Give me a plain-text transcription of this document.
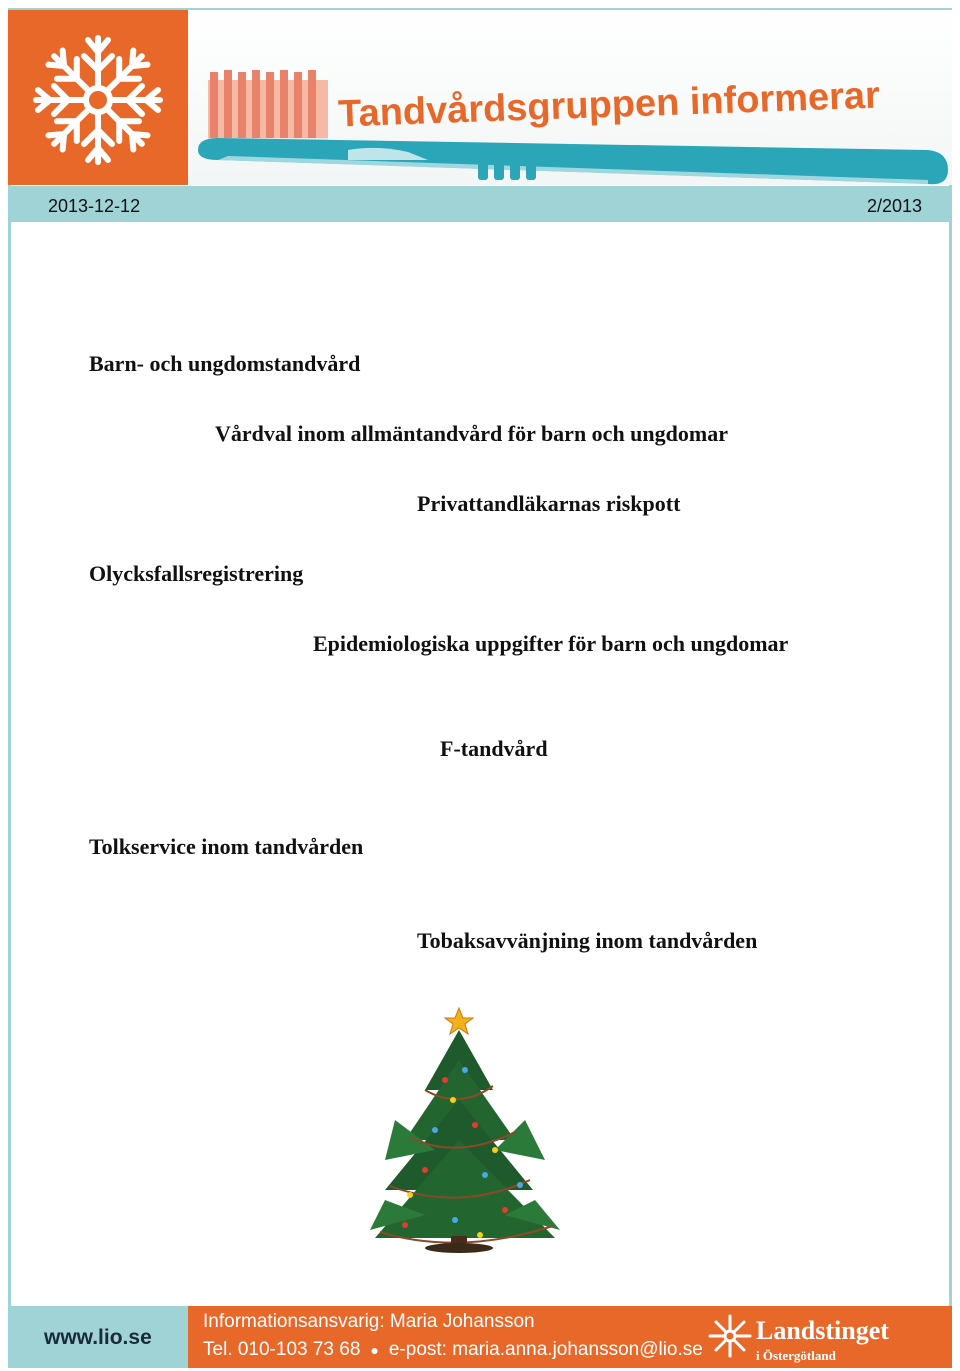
Tandvårdsgruppen informerar
2013-12-12	2/2013
Barn- och ungdomstandvård
Vårdval inom allmäntandvård för barn och ungdomar
Privattandläkarnas riskpott
Olycksfallsregistrering
Epidemiologiska uppgifter för barn och ungdomar
F-tandvård
Tolkservice inom tandvården
Tobaksavvänjning inom tandvården
www.lio.se
Informationsansvarig: Maria Johansson
Tel. 010-103 73 68 ● e-post: maria.anna.johansson@lio.se
Landstinget
i Östergötland
